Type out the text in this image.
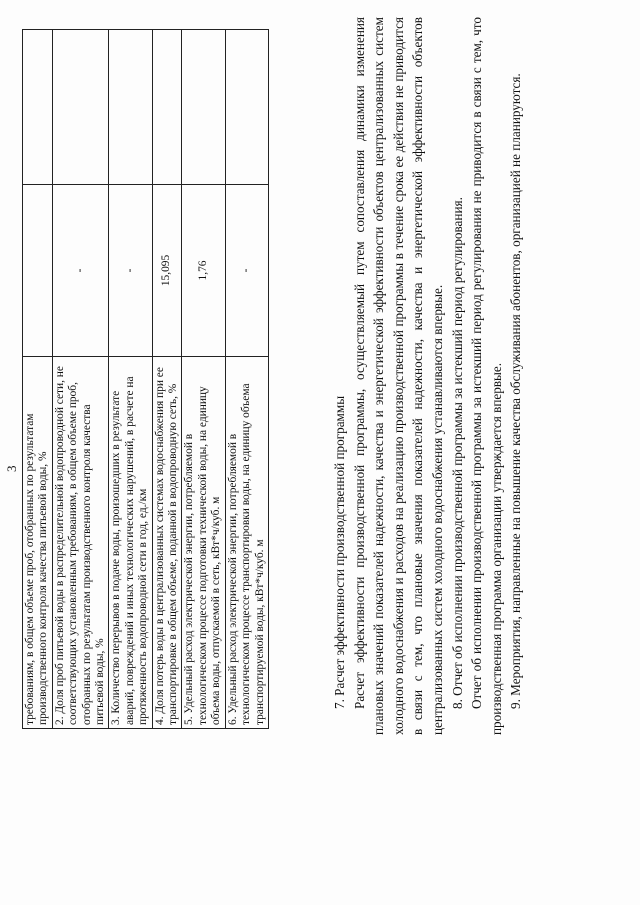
3 требованиям, в общем объеме проб, отобранных по результатам производственного контроля качества питьевой воды, %		
2. Доля проб питьевой воды в распределительной водопроводной сети, не соответствующих установленным требованиям, в общем объеме проб, отобранных по результатам производственного контроля качества питьевой воды, %	-	
3. Количество перерывов в подаче воды, произошедших в результате аварий, повреждений и иных технологических нарушений, в расчете на протяженность водопроводной сети в год, ед./км	-	
4. Доля потерь воды в централизованных системах водоснабжения при ее транспортировке в общем объеме, поданной в водопроводную сеть, %	15,095	
5. Удельный расход электрической энергии, потребляемой в технологическом процессе подготовки технической воды, на единицу объема воды, отпускаемой в сеть, кВт*ч/куб. м	1,76	
6. Удельный расход электрической энергии, потребляемой в технологическом процессе транспортировки воды, на единицу объема транспортируемой воды, кВт*ч/куб. м	-	

7. Расчет эффективности производственной программы Расчет эффективности производственной программы, осуществляемый путем сопоставления динамики изменения плановых значений показателей надежности, качества и энергетической эффективности объектов централизованных систем холодного водоснабжения и расходов на реализацию производственной программы в течение срока ее действия не приводится в связи с тем, что плановые значения показателей надежности, качества и энергетической эффективности объектов централизованных систем холодного водоснабжения устанавливаются впервые. 8. Отчет об исполнении производственной программы за истекший период регулирования. Отчет об исполнении производственной программы за истекший период регулирования не приводится в связи с тем, что производственная программа организации утверждается впервые. 9. Мероприятия, направленные на повышение качества обслуживания абонентов, организацией не планируются.
